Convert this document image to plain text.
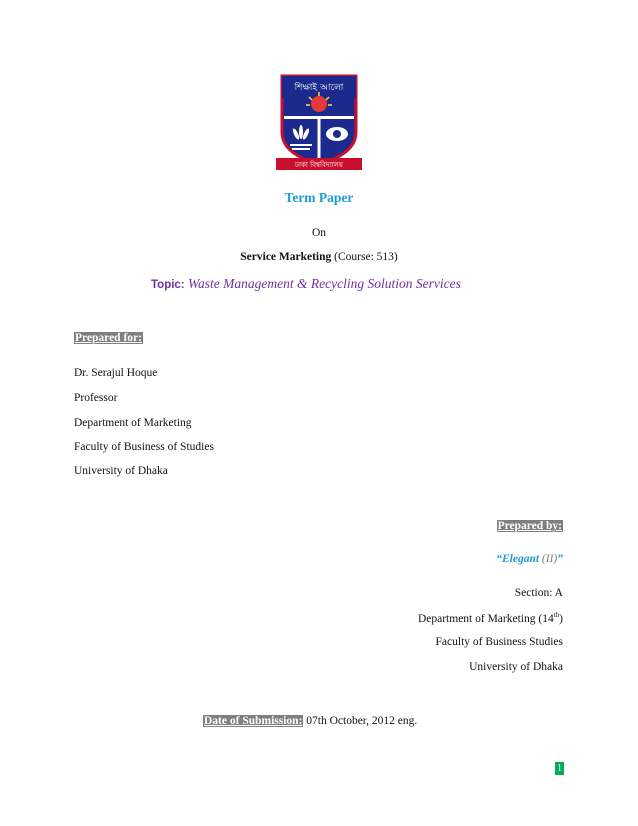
শিক্ষাই আলো
ঢাকা বিশ্ববিদ্যালয়
Term Paper
On
Service Marketing (Course: 513)
Topic: Waste Management & Recycling Solution Services
Prepared for:
Dr. Serajul Hoque
Professor
Department of Marketing
Faculty of Business of Studies
University of Dhaka
Prepared by:
“Elegant (II)”
Section: A
Department of Marketing (14th)
Faculty of Business Studies
University of Dhaka
Date of Submission: 07th October, 2012 eng.
1
